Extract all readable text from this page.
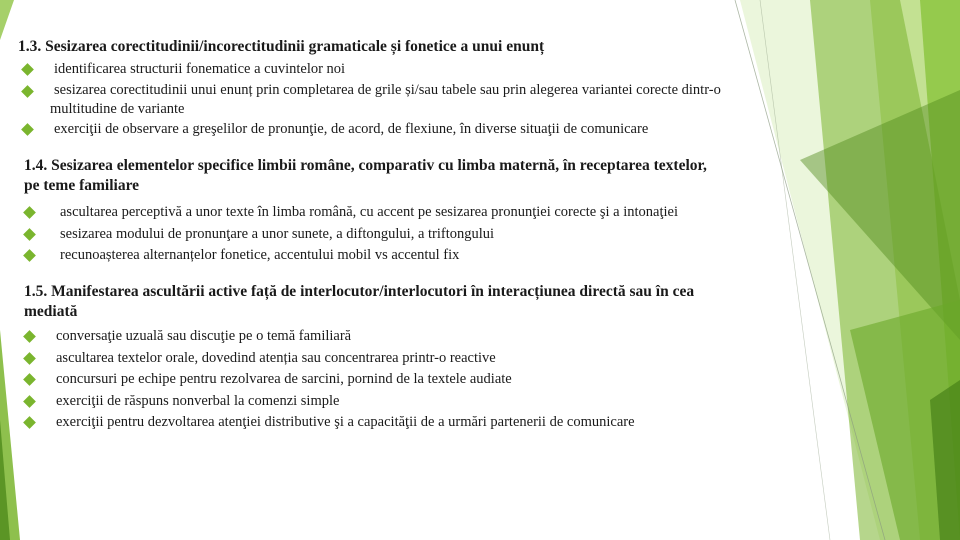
1.3. Sesizarea corectitudinii/incorectitudinii gramaticale și fonetice a unui enunț
identificarea structurii fonematice a cuvintelor noi
sesizarea corectitudinii unui enunț prin completarea de grile și/sau tabele sau prin alegerea variantei corecte dintr-o
multitudine de variante
exerciţii de observare a greşelilor de pronunţie, de acord, de flexiune, în diverse situaţii de comunicare
1.4. Sesizarea elementelor specifice limbii române, comparativ cu limba maternă, în receptarea textelor,
pe teme familiare
ascultarea perceptivă a unor texte în limba română, cu accent pe sesizarea pronunţiei corecte şi a intonaţiei
sesizarea modului de pronunţare a unor sunete, a diftongului, a triftongului
recunoașterea alternanțelor fonetice, accentului mobil vs accentul fix
1.5. Manifestarea ascultării active față de interlocutor/interlocutori în interacțiunea directă sau în cea
mediată
conversaţie uzuală sau discuţie pe o temă familiară
ascultarea textelor orale, dovedind atenția sau concentrarea printr-o reactive
concursuri pe echipe pentru rezolvarea de sarcini, pornind de la textele audiate
exerciţii de răspuns nonverbal la comenzi simple
exerciţii pentru dezvoltarea atenţiei distributive şi a capacităţii de a urmări partenerii de comunicare
